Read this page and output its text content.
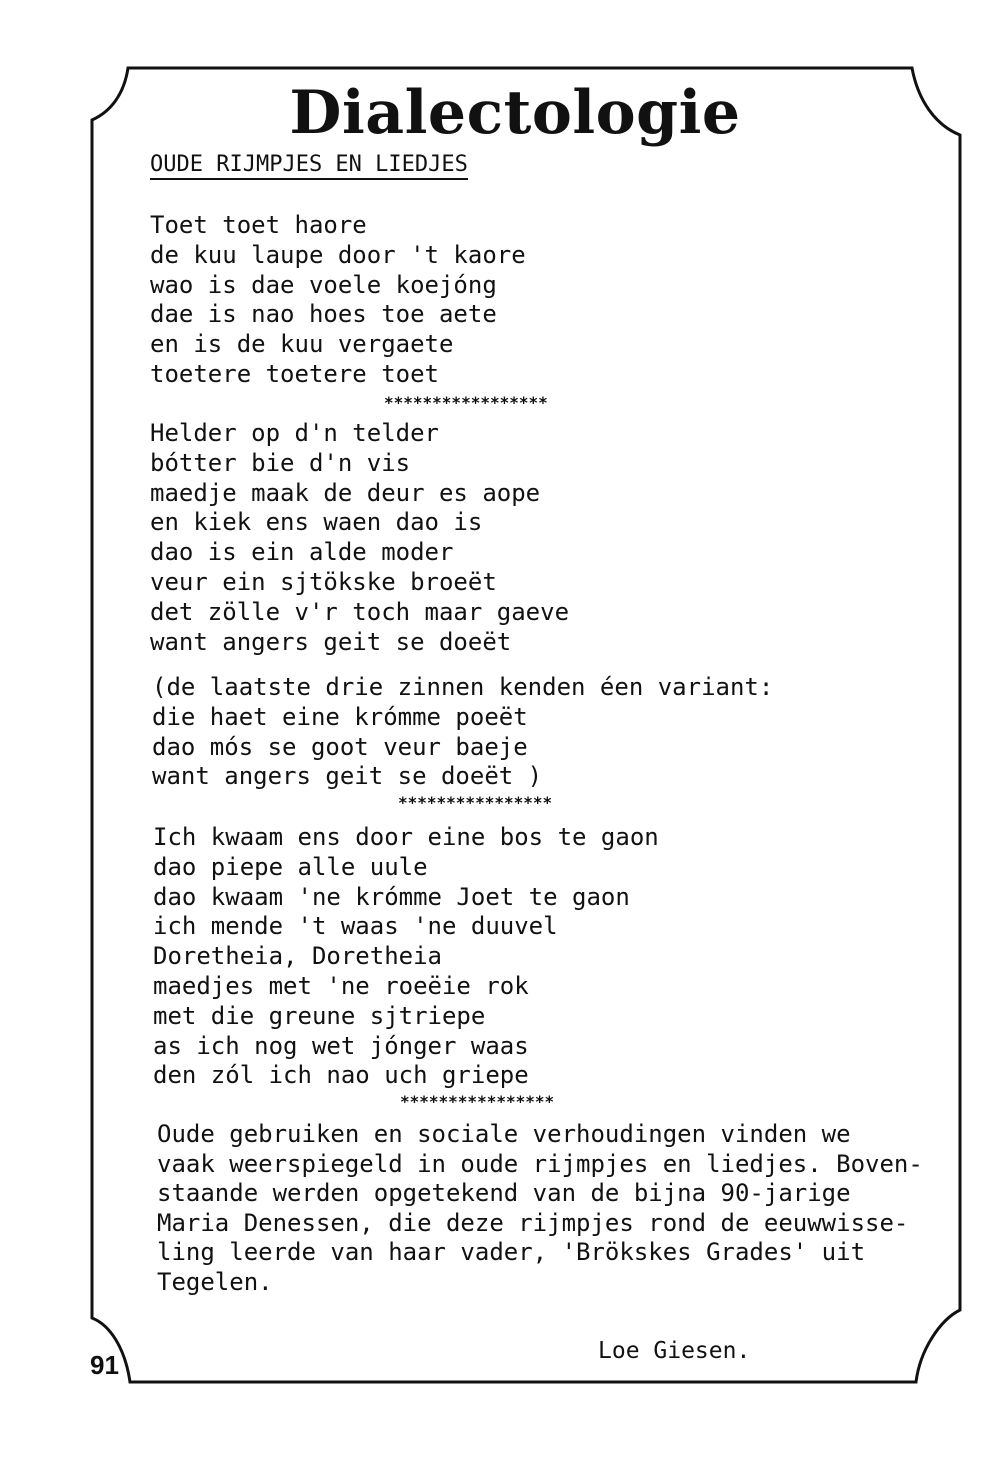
Dialectologie
OUDE RIJMPJES EN LIEDJES
Toet toet haore
de kuu laupe door 't kaore
wao is dae voele koejóng
dae is nao hoes toe aete
en is de kuu vergaete
toetere toetere toet
*****************
Helder op d'n telder
bótter bie d'n vis
maedje maak de deur es aope
en kiek ens waen dao is
dao is ein alde moder
veur ein sjtökske broeët
det zölle v'r toch maar gaeve
want angers geit se doeët
(de laatste drie zinnen kenden éen variant:
die haet eine krómme poeët
dao mós se goot veur baeje
want angers geit se doeët )
****************
Ich kwaam ens door eine bos te gaon
dao piepe alle uule
dao kwaam 'ne krómme Joet te gaon
ich mende 't waas 'ne duuvel
Doretheia, Doretheia
maedjes met 'ne roeëie rok
met die greune sjtriepe
as ich nog wet jónger waas
den zól ich nao uch griepe
****************
Oude gebruiken en sociale verhoudingen vinden we
vaak weerspiegeld in oude rijmpjes en liedjes. Boven-
staande werden opgetekend van de bijna 90-jarige
Maria Denessen, die deze rijmpjes rond de eeuwwisse-
ling leerde van haar vader, 'Brökskes Grades' uit
Tegelen.
Loe Giesen.
91
